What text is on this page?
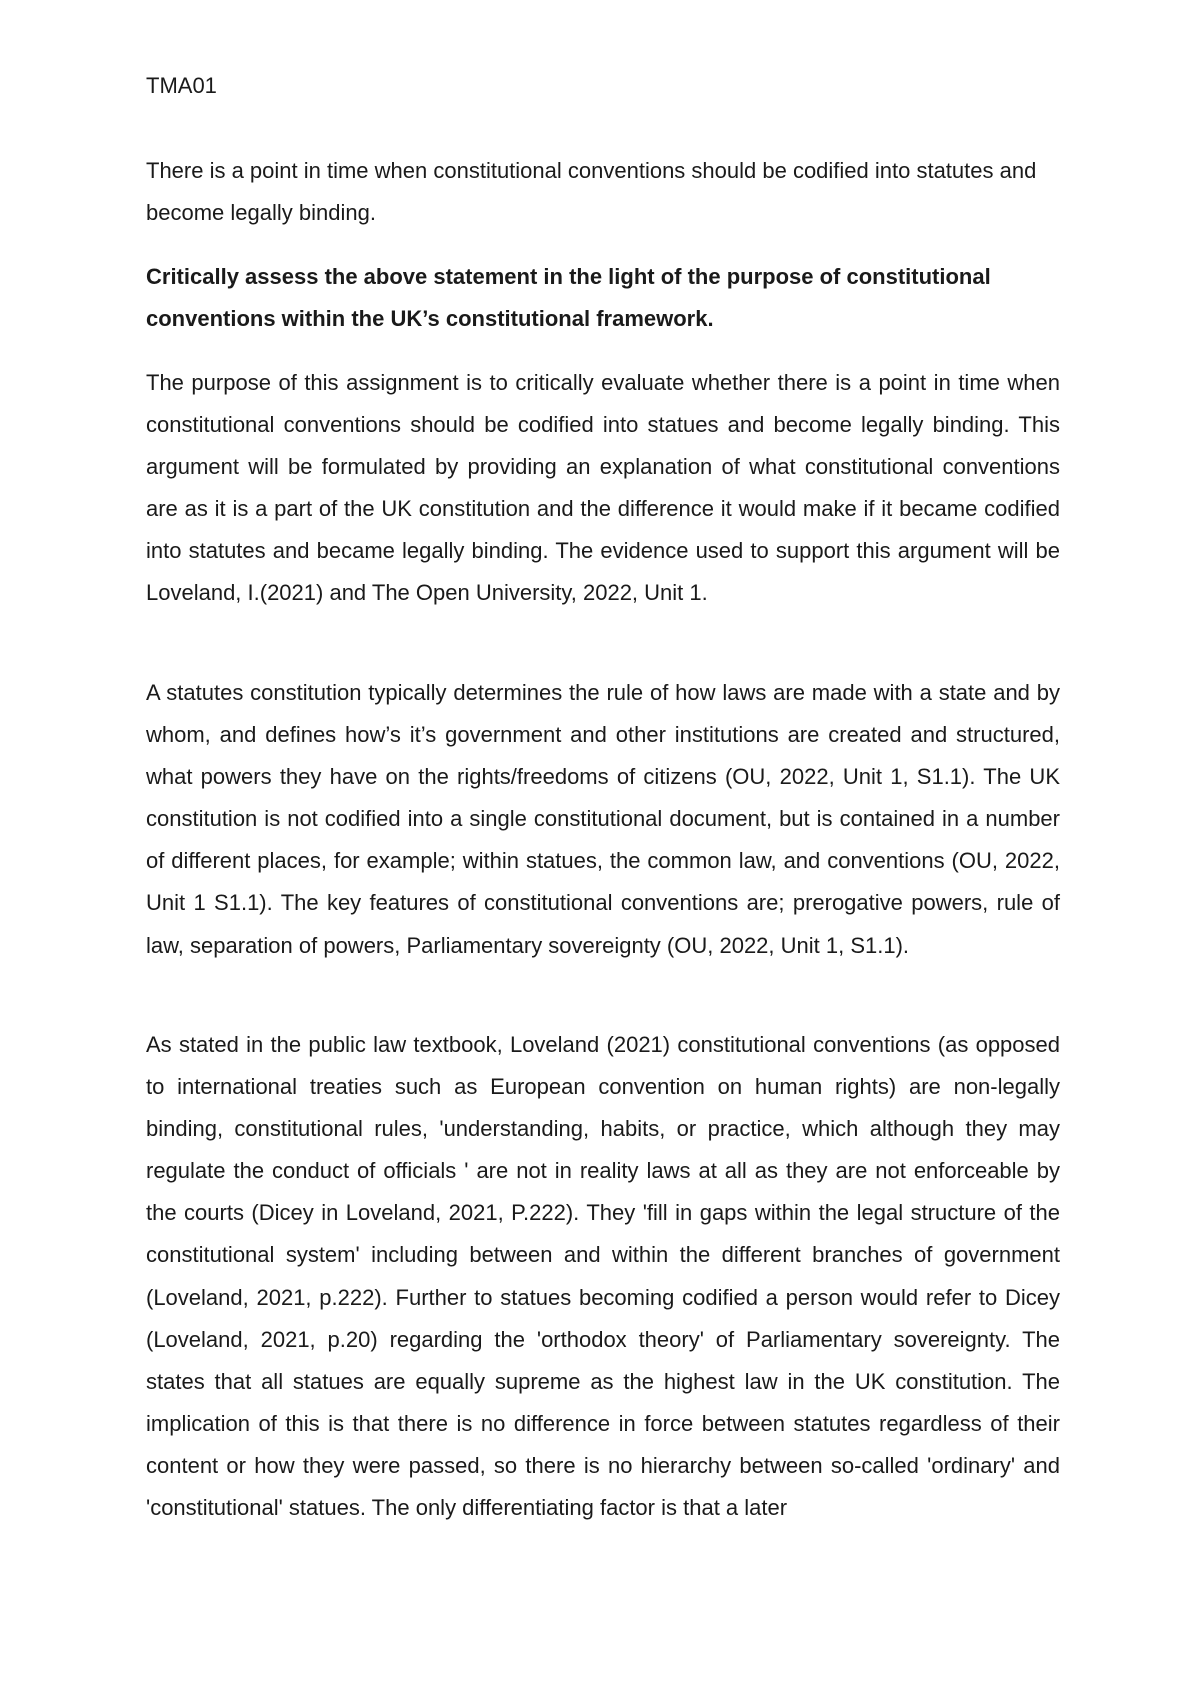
TMA01

There is a point in time when constitutional conventions should be codified into statutes and become legally binding.

Critically assess the above statement in the light of the purpose of constitutional conventions within the UK’s constitutional framework.

The purpose of this assignment is to critically evaluate whether there is a point in time when constitutional conventions should be codified into statues and become legally binding. This argument will be formulated by providing an explanation of what constitutional conventions are as it is a part of the UK constitution and the difference it would make if it became codified into statutes and became legally binding. The evidence used to support this argument will be Loveland, I.(2021) and The Open University, 2022, Unit 1.

A statutes constitution typically determines the rule of how laws are made with a state and by whom, and defines how’s it’s government and other institutions are created and structured, what powers they have on the rights/freedoms of citizens (OU, 2022, Unit 1, S1.1). The UK constitution is not codified into a single constitutional document, but is contained in a number of different places, for example; within statues, the common law, and conventions (OU, 2022, Unit 1 S1.1). The key features of constitutional conventions are; prerogative powers, rule of law, separation of powers, Parliamentary sovereignty (OU, 2022, Unit 1, S1.1).

As stated in the public law textbook, Loveland (2021) constitutional conventions (as opposed to international treaties such as European convention on human rights) are non-legally binding, constitutional rules, 'understanding, habits, or practice, which although they may regulate the conduct of officials ' are not in reality laws at all as they are not enforceable by the courts (Dicey in Loveland, 2021, P.222). They 'fill in gaps within the legal structure of the constitutional system' including between and within the different branches of government (Loveland, 2021, p.222). Further to statues becoming codified a person would refer to Dicey (Loveland, 2021, p.20) regarding the 'orthodox theory' of Parliamentary sovereignty. The states that all statues are equally supreme as the highest law in the UK constitution. The implication of this is that there is no difference in force between statutes regardless of their content or how they were passed, so there is no hierarchy between so-called 'ordinary' and 'constitutional' statues. The only differentiating factor is that a later
